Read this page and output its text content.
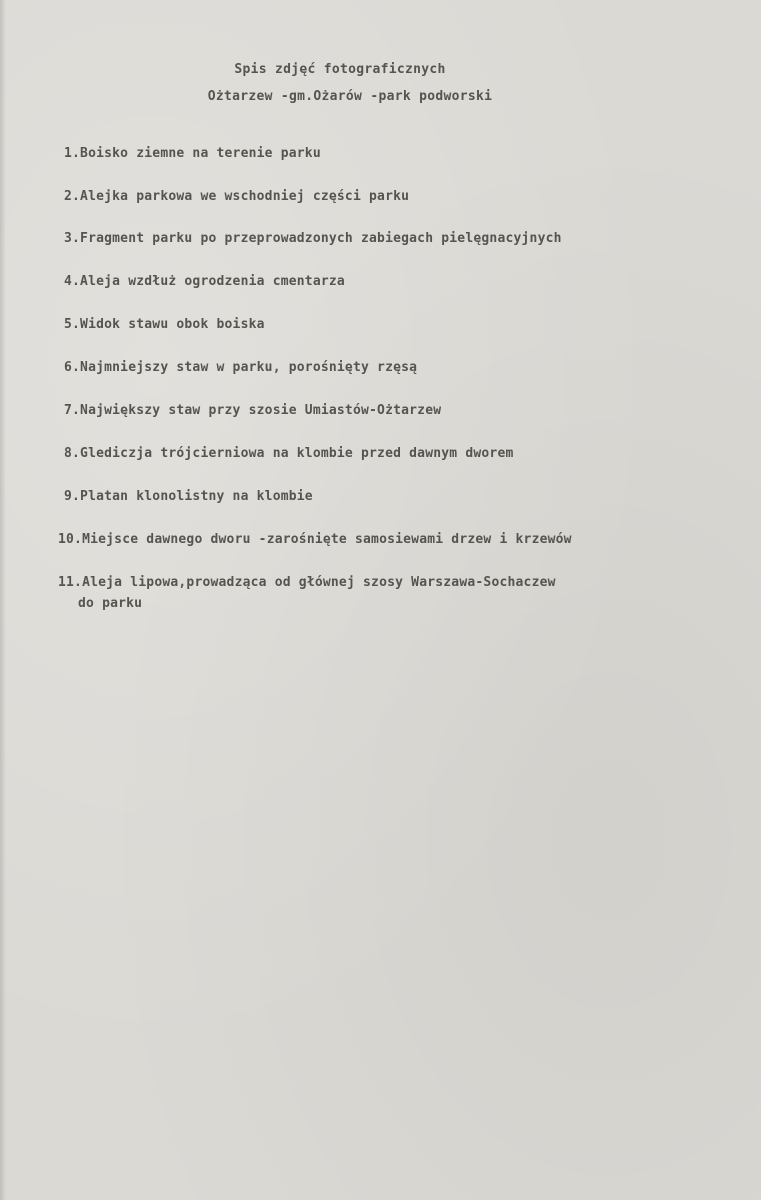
Spis zdjęć fotograficznych
Ożtarzew -gm.Ożarów -park podworski
1.Boisko ziemne na terenie parku
2.Alejka parkowa we wschodniej części parku
3.Fragment parku po przeprowadzonych zabiegach pielęgnacyjnych
4.Aleja wzdłuż ogrodzenia cmentarza
5.Widok stawu obok boiska
6.Najmniejszy staw w parku, porośnięty rzęsą
7.Największy staw przy szosie Umiastów-Ożtarzew
8.Glediczja trójcierniowa na klombie przed dawnym dworem
9.Platan klonolistny na klombie
10.Miejsce dawnego dworu -zarośnięte samosiewami drzew i krzewów
11.Aleja lipowa,prowadząca od głównej szosy Warszawa-Sochaczew
do parku
